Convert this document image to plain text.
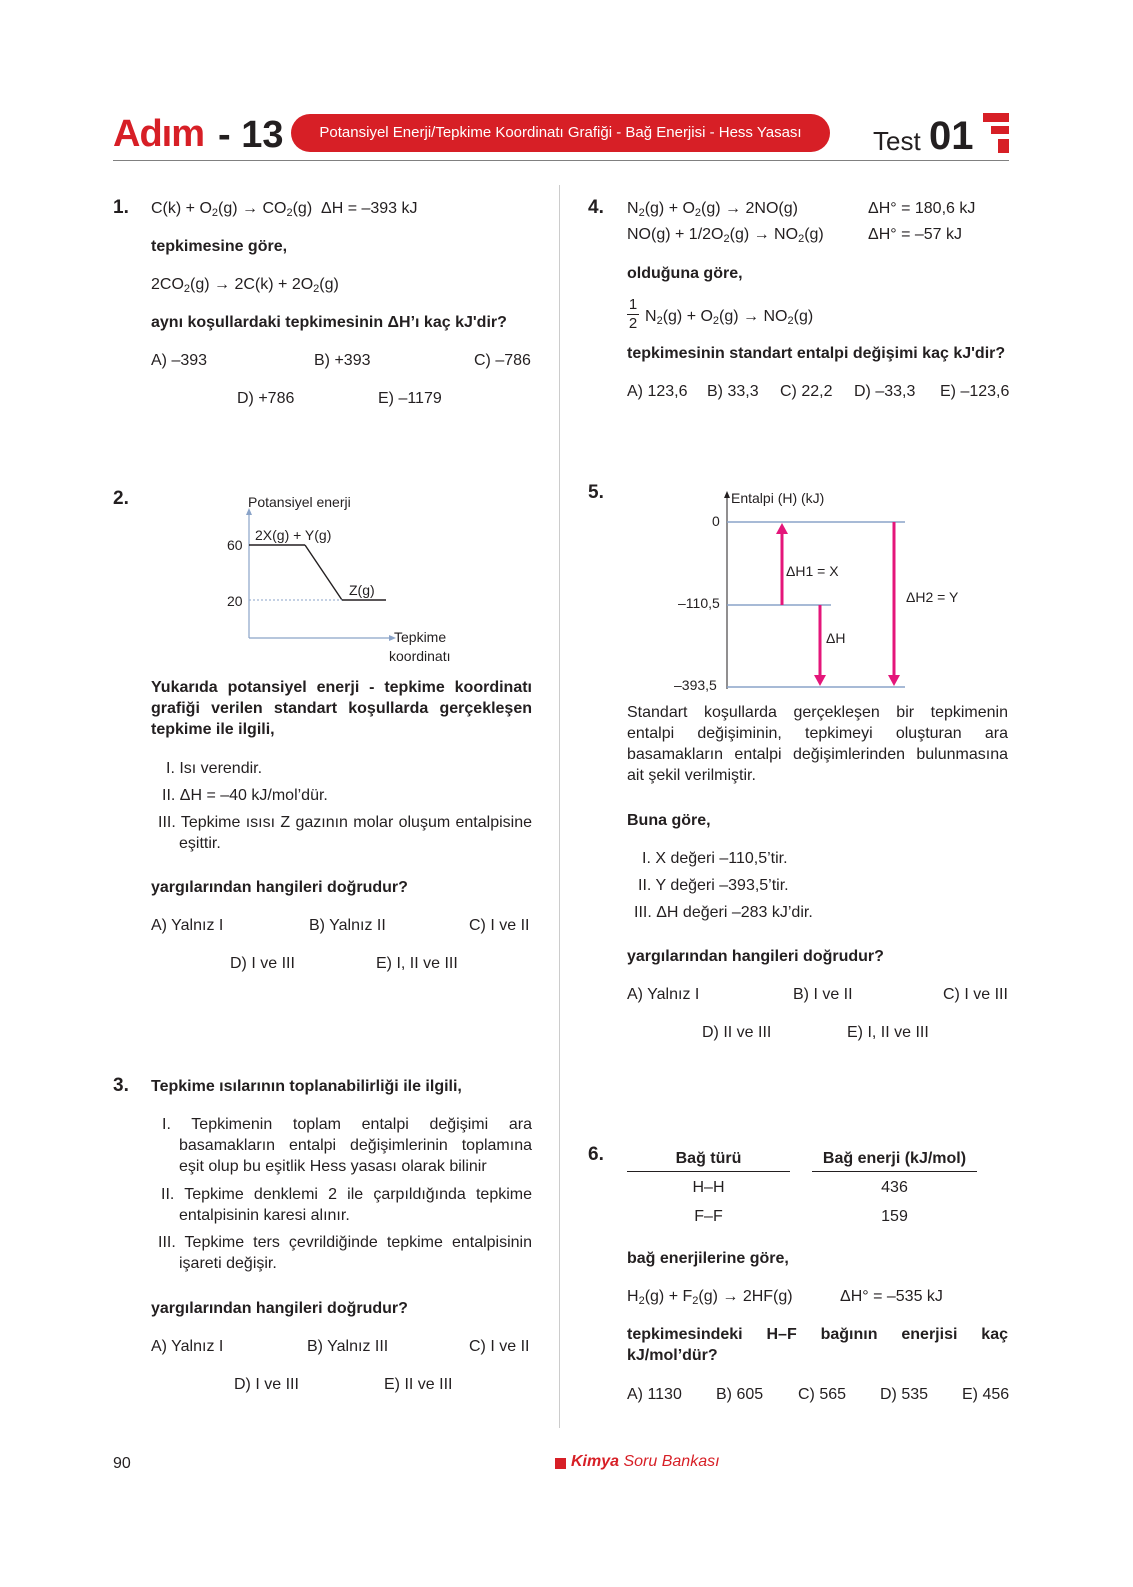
Adım - 13	Potansiyel Enerji/Tepkime Koordinatı Grafiği - Bağ Enerjisi - Hess Yasası	Test 01
1. $C(k) + O_2(g) \to CO_2(g) \Delta H = -393$ kJ
tepkimesine göre,
$2CO_2(g) \to 2C(k) + 2O_2(g)$
aynı koşullardaki tepkimesinin ΔH’ı kaç kJ'dir?
A) –393	B) +393	C) –786
D) +786	E) –1179
2.	Potansiyel enerji
60
20
2X(g) + Y(g)
Z(g)
Tepkime
koordinatı
Yukarıda potansiyel enerji - tepkime koordinatı grafiği verilen standart koşullarda gerçekleşen tepkime ile ilgili,
I. Isı verendir.
II. ΔH = –40 kJ/mol’dür.
III. Tepkime ısısı Z gazının molar oluşum entalpisine eşittir.
yargılarından hangileri doğrudur?
A) Yalnız I	B) Yalnız II	C) I ve II
D) I ve III	E) I, II ve III
3. Tepkime ısılarının toplanabilirliği ile ilgili,
I. Tepkimenin toplam entalpi değişimi ara basamakların entalpi değişimlerinin toplamına eşit olup bu eşitlik Hess yasası olarak bilinir
II. Tepkime denklemi 2 ile çarpıldığında tepkime entalpisinin karesi alınır.
III. Tepkime ters çevrildiğinde tepkime entalpisinin işareti değişir.
yargılarından hangileri doğrudur?
A) Yalnız I	B) Yalnız III	C) I ve II
D) I ve III	E) II ve III
4. $N_2(g) + O_2(g) \to 2NO(g)$	ΔH° = 180,6 kJ
$NO(g) + 1/2O_2(g) \to NO_2(g)$	ΔH° = –57 kJ
olduğuna göre,
1
2 $N_2(g) + O_2(g) \to NO_2(g)$
tepkimesinin standart entalpi değişimi kaç kJ'dir?
A) 123,6 B) 33,3 C) 22,2 D) –33,3 E) –123,6
5.	Entalpi (H) (kJ)
0
–110,5
–393,5
ΔH1 = X
ΔH
ΔH2 = Y
Standart koşullarda gerçekleşen bir tepkimenin entalpi değişiminin, tepkimeyi oluşturan ara basamakların entalpi değişimlerinden bulunmasına ait şekil verilmiştir.
Buna göre,
I. X değeri –110,5’tir.
II. Y değeri –393,5’tir.
III. ΔH değeri –283 kJ’dir.
yargılarından hangileri doğrudur?
A) Yalnız I	B) I ve II	C) I ve III
D) II ve III	E) I, II ve III
6.	Bağ türü	Bağ enerji (kJ/mol)
H–H	436
F–F	159
bağ enerjilerine göre,
$H_2(g) + F_2(g) \to 2HF(g)$	ΔH° = –535 kJ
tepkimesindeki H–F bağının enerjisi kaç kJ/mol’dür?
A) 1130 B) 605 C) 565 D) 535 E) 456
90	Kimya Soru Bankası
